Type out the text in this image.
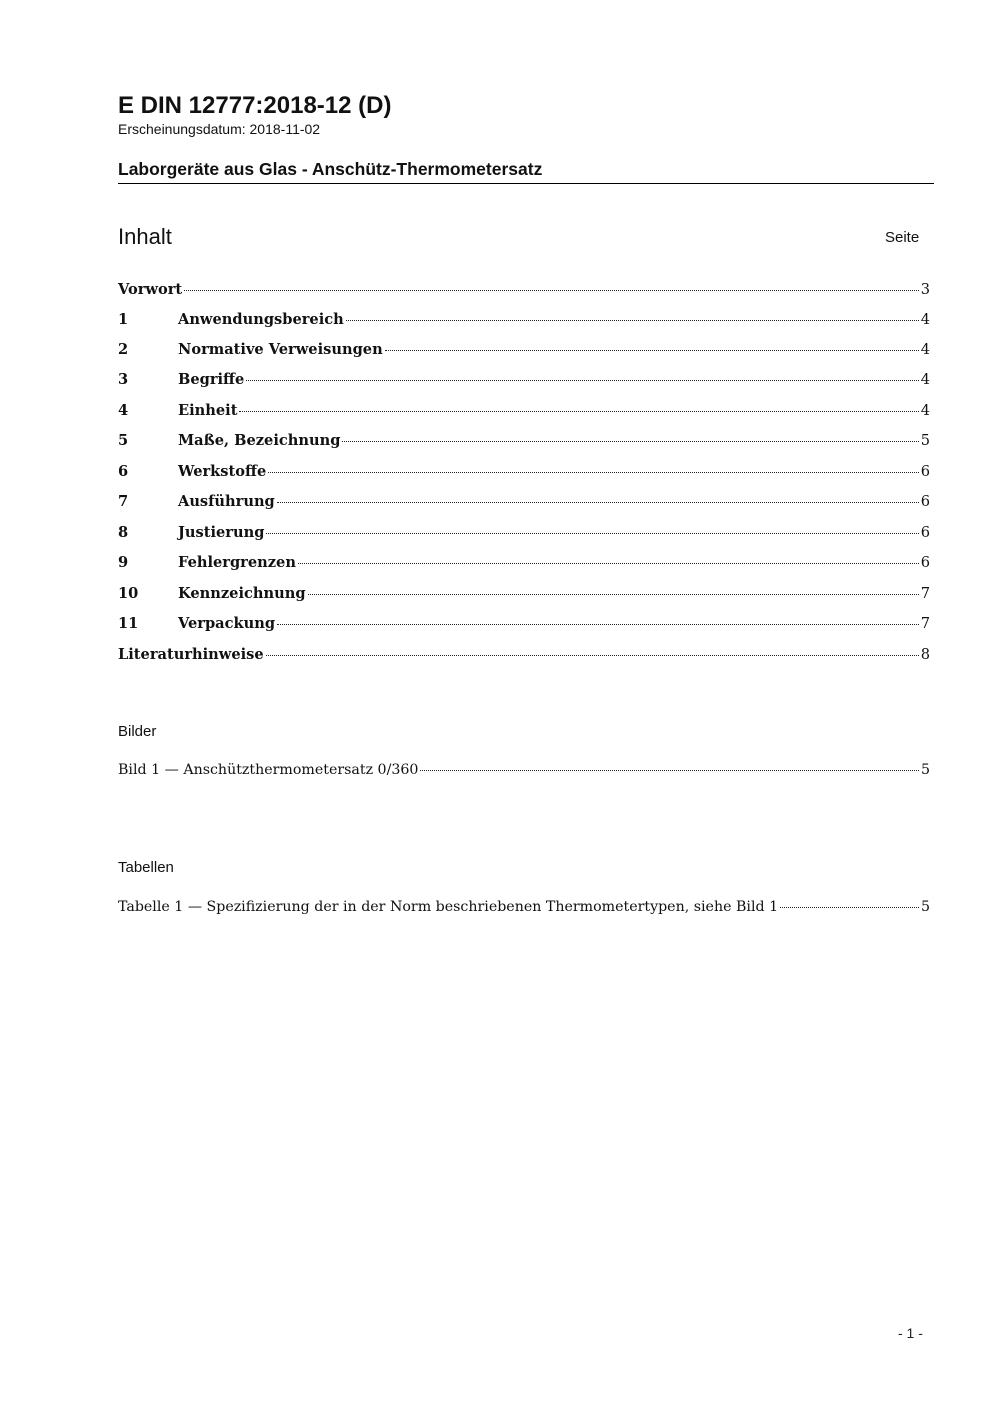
E DIN 12777:2018-12 (D)
Erscheinungsdatum: 2018-11-02
Laborgeräte aus Glas - Anschütz-Thermometersatz
Inhalt	Seite
Vorwort	3
1	Anwendungsbereich	4
2	Normative Verweisungen	4
3	Begriffe	4
4	Einheit	4
5	Maße, Bezeichnung	5
6	Werkstoffe	6
7	Ausführung	6
8	Justierung	6
9	Fehlergrenzen	6
10	Kennzeichnung	7
11	Verpackung	7
Literaturhinweise	8
Bilder
Bild 1 — Anschützthermometersatz 0/360	5
Tabellen
Tabelle 1 — Spezifizierung der in der Norm beschriebenen Thermometertypen, siehe Bild 1	5
- 1 -
